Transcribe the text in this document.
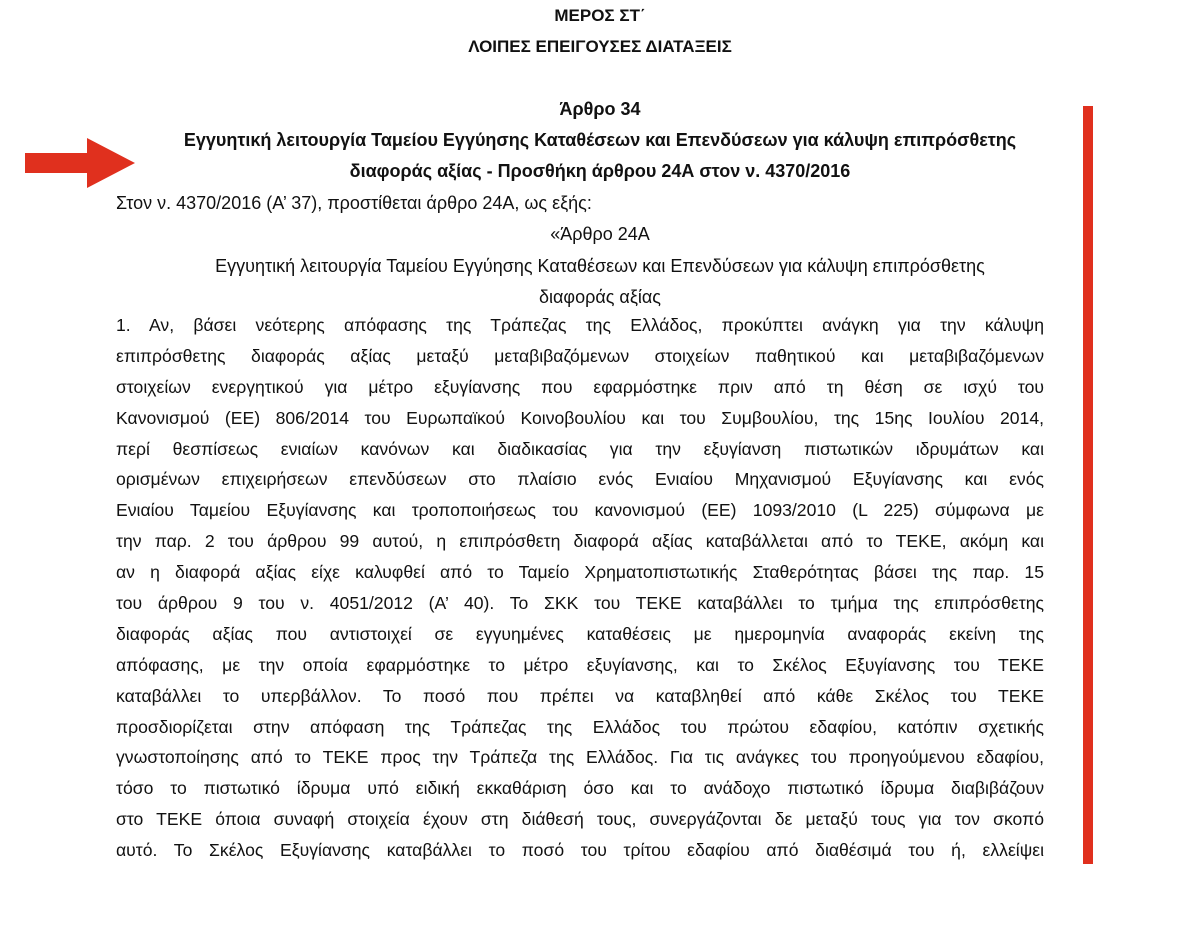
ΜΕΡΟΣ ΣΤ΄

ΛΟΙΠΕΣ ΕΠΕΙΓΟΥΣΕΣ ΔΙΑΤΑΞΕΙΣ

Άρθρο 34

Εγγυητική λειτουργία Ταμείου Εγγύησης Καταθέσεων και Επενδύσεων για κάλυψη επιπρόσθετης

διαφοράς αξίας - Προσθήκη άρθρου 24Α στον ν. 4370/2016

Στον ν. 4370/2016 (Α’ 37), προστίθεται άρθρο 24Α, ως εξής:

«Άρθρο 24Α

Εγγυητική λειτουργία Ταμείου Εγγύησης Καταθέσεων και Επενδύσεων για κάλυψη επιπρόσθετης

διαφοράς αξίας

1. Αν, βάσει νεότερης απόφασης της Τράπεζας της Ελλάδος, προκύπτει ανάγκη για την κάλυψη
επιπρόσθετης διαφοράς αξίας μεταξύ μεταβιβαζόμενων στοιχείων παθητικού και μεταβιβαζόμενων
στοιχείων ενεργητικού για μέτρο εξυγίανσης που εφαρμόστηκε πριν από τη θέση σε ισχύ του
Κανονισμού (ΕΕ) 806/2014 του Ευρωπαϊκού Κοινοβουλίου και του Συμβουλίου, της 15ης Ιουλίου 2014,
περί θεσπίσεως ενιαίων κανόνων και διαδικασίας για την εξυγίανση πιστωτικών ιδρυμάτων και
ορισμένων επιχειρήσεων επενδύσεων στο πλαίσιο ενός Ενιαίου Μηχανισμού Εξυγίανσης και ενός
Ενιαίου Ταμείου Εξυγίανσης και τροποποιήσεως του κανονισμού (ΕΕ) 1093/2010 (L 225) σύμφωνα με
την παρ. 2 του άρθρου 99 αυτού, η επιπρόσθετη διαφορά αξίας καταβάλλεται από το ΤΕΚΕ, ακόμη και
αν η διαφορά αξίας είχε καλυφθεί από το Ταμείο Χρηματοπιστωτικής Σταθερότητας βάσει της παρ. 15
του άρθρου 9 του ν. 4051/2012 (Α’ 40). Το ΣΚΚ του ΤΕΚΕ καταβάλλει το τμήμα της επιπρόσθετης
διαφοράς αξίας που αντιστοιχεί σε εγγυημένες καταθέσεις με ημερομηνία αναφοράς εκείνη της
απόφασης, με την οποία εφαρμόστηκε το μέτρο εξυγίανσης, και το Σκέλος Εξυγίανσης του ΤΕΚΕ
καταβάλλει το υπερβάλλον. Το ποσό που πρέπει να καταβληθεί από κάθε Σκέλος του ΤΕΚΕ
προσδιορίζεται στην απόφαση της Τράπεζας της Ελλάδος του πρώτου εδαφίου, κατόπιν σχετικής
γνωστοποίησης από το ΤΕΚΕ προς την Τράπεζα της Ελλάδος. Για τις ανάγκες του προηγούμενου εδαφίου,
τόσο το πιστωτικό ίδρυμα υπό ειδική εκκαθάριση όσο και το ανάδοχο πιστωτικό ίδρυμα διαβιβάζουν
στο ΤΕΚΕ όποια συναφή στοιχεία έχουν στη διάθεσή τους, συνεργάζονται δε μεταξύ τους για τον σκοπό
αυτό. Το Σκέλος Εξυγίανσης καταβάλλει το ποσό του τρίτου εδαφίου από διαθέσιμά του ή, ελλείψει
